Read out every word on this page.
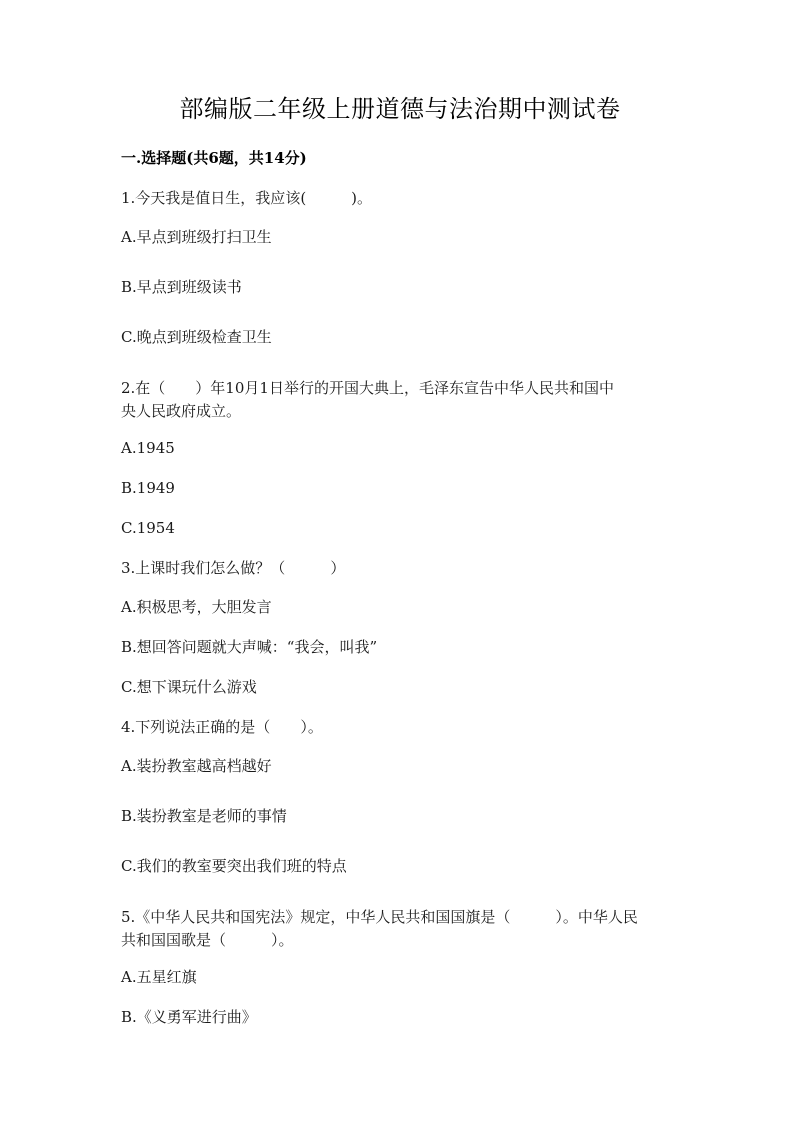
部编版二年级上册道德与法治期中测试卷
一.选择题(共6题，共14分)
1.今天我是值日生，我应该(　　　)。
A.早点到班级打扫卫生
B.早点到班级读书
C.晚点到班级检查卫生
2.在（　　）年10月1日举行的开国大典上，毛泽东宣告中华人民共和国中
央人民政府成立。
A.1945
B.1949
C.1954
3.上课时我们怎么做？（　　　）
A.积极思考，大胆发言
B.想回答问题就大声喊：“我会，叫我”
C.想下课玩什么游戏
4.下列说法正确的是（　　）。
A.装扮教室越高档越好
B.装扮教室是老师的事情
C.我们的教室要突出我们班的特点
5.《中华人民共和国宪法》规定，中华人民共和国国旗是（　　　）。中华人民
共和国国歌是（　　　）。
A.五星红旗
B.《义勇军进行曲》
